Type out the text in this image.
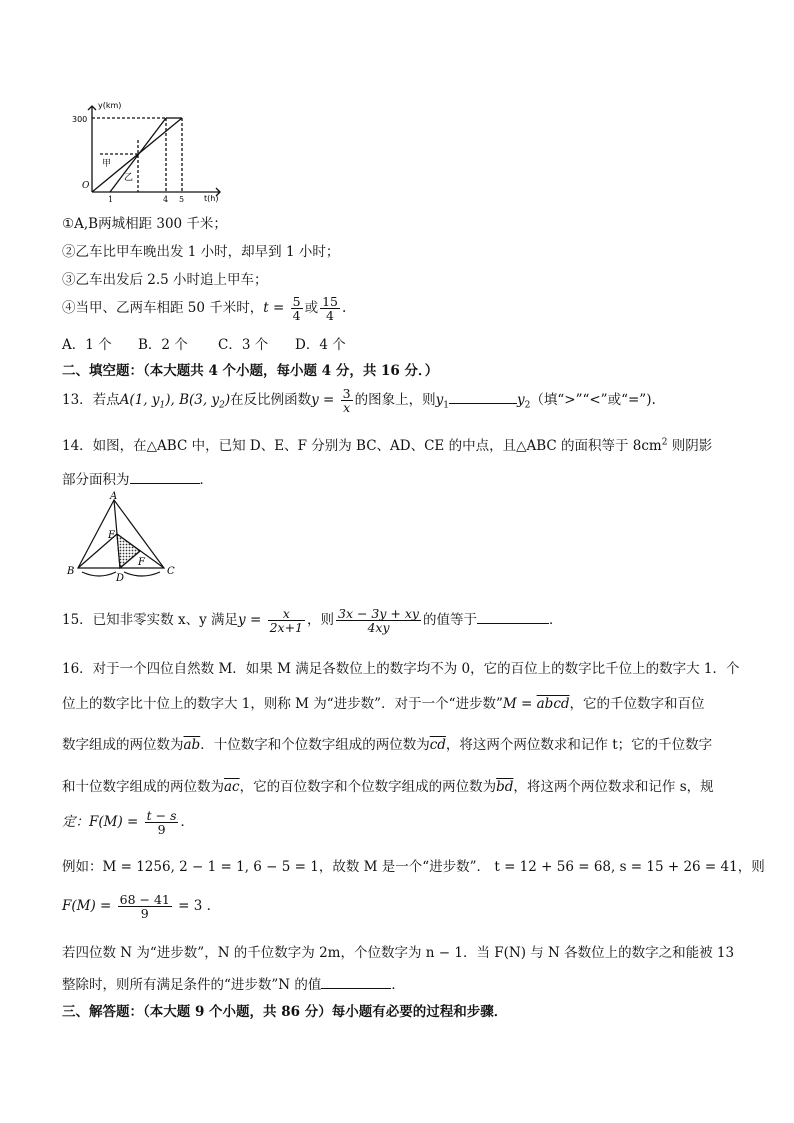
y(km)
t(h)
300
O
1	4 5
甲
乙
①A,B两城相距 300 千米；
②乙车比甲车晚出发 1 小时，却早到 1 小时；
③乙车出发后 2.5 小时追上甲车；
④当甲、乙两车相距 50 千米时，$t = \frac{5}{4}$ 或 $\frac{15}{4}$ .
A．1 个 B．2 个 C．3 个 D．4 个
二、填空题：（本大题共 4 个小题，每小题 4 分，共 16 分．）
13．若点A(1, $y_1$), B(3, $y_2$)在反比例函数$y = \frac{3}{x}$ 的图象上，则$y_1$	$y_2$（填“>”“<”或“=”).
14．如图，在△ABC 中，已知 D、E、F 分别为 BC、AD、CE 的中点，且△ABC 的面积等于 $8cm^2$ 则阴影
部分面积为	．
A
B	C
D
E
F
15．已知非零实数 x、y 满足$y = \frac{x}{2x+1}$ ，则 $\frac{3x - 3y + xy}{4xy}$ 的值等于	．
16．对于一个四位自然数 M．如果 M 满足各数位上的数字均不为 0，它的百位上的数字比千位上的数字大 1．个
位上的数字比十位上的数字大 1，则称 M 为“进步数”．对于一个“进步数”M = abcd，它的千位数字和百位
数字组成的两位数为$\overline{ab}$．十位数字和个位数字组成的两位数为$\overline{cd}$，将这两个两位数求和记作 t；它的千位数字
和十位数字组成的两位数为$\overline{ac}$，它的百位数字和个位数字组成的两位数为$\overline{bd}$，将这两个两位数求和记作 s，规
定：$F(M) = \frac{t - s}{9}$ ．
例如：M = 1256, 2 − 1 = 1, 6 − 5 = 1，故数 M 是一个“进步数”． t = 12 + 56 = 68, s = 15 + 26 = 41，则
$F(M) = \frac{68 - 41}{9} = 3$ ．
若四位数 N 为“进步数”，N 的千位数字为 2m，个位数字为 n − 1．当 F(N) 与 N 各数位上的数字之和能被 13
整除时，则所有满足条件的“进步数”N 的值	．
三、解答题：（本大题 9 个小题，共 86 分）每小题有必要的过程和步骤．
